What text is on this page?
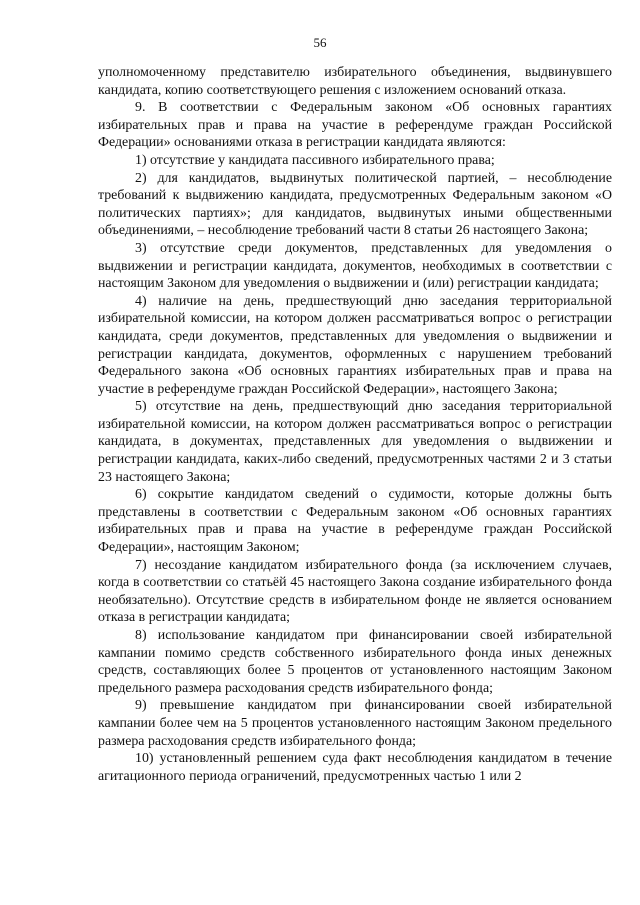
56

уполномоченному представителю избирательного объединения, выдвинувшего кандидата, копию соответствующего решения с изложением оснований отказа.

9. В соответствии с Федеральным законом «Об основных гарантиях избирательных прав и права на участие в референдуме граждан Российской Федерации» основаниями отказа в регистрации кандидата являются:

1) отсутствие у кандидата пассивного избирательного права;

2) для кандидатов, выдвинутых политической партией, – несоблюдение требований к выдвижению кандидата, предусмотренных Федеральным законом «О политических партиях»; для кандидатов, выдвинутых иными общественными объединениями, – несоблюдение требований части 8 статьи 26 настоящего Закона;

3) отсутствие среди документов, представленных для уведомления о выдвижении и регистрации кандидата, документов, необходимых в соответствии с настоящим Законом для уведомления о выдвижении и (или) регистрации кандидата;

4) наличие на день, предшествующий дню заседания территориальной избирательной комиссии, на котором должен рассматриваться вопрос о регистрации кандидата, среди документов, представленных для уведомления о выдвижении и регистрации кандидата, документов, оформленных с нарушением требований Федерального закона «Об основных гарантиях избирательных прав и права на участие в референдуме граждан Российской Федерации», настоящего Закона;

5) отсутствие на день, предшествующий дню заседания территориальной избирательной комиссии, на котором должен рассматриваться вопрос о регистрации кандидата, в документах, представленных для уведомления о выдвижении и регистрации кандидата, каких-либо сведений, предусмотренных частями 2 и 3 статьи 23 настоящего Закона;

6) сокрытие кандидатом сведений о судимости, которые должны быть представлены в соответствии с Федеральным законом «Об основных гарантиях избирательных прав и права на участие в референдуме граждан Российской Федерации», настоящим Законом;

7) несоздание кандидатом избирательного фонда (за исключением случаев, когда в соответствии со статьёй 45 настоящего Закона создание избирательного фонда необязательно). Отсутствие средств в избирательном фонде не является основанием отказа в регистрации кандидата;

8) использование кандидатом при финансировании своей избирательной кампании помимо средств собственного избирательного фонда иных денежных средств, составляющих более 5 процентов от установленного настоящим Законом предельного размера расходования средств избирательного фонда;

9) превышение кандидатом при финансировании своей избирательной кампании более чем на 5 процентов установленного настоящим Законом предельного размера расходования средств избирательного фонда;

10) установленный решением суда факт несоблюдения кандидатом в течение агитационного периода ограничений, предусмотренных частью 1 или 2
